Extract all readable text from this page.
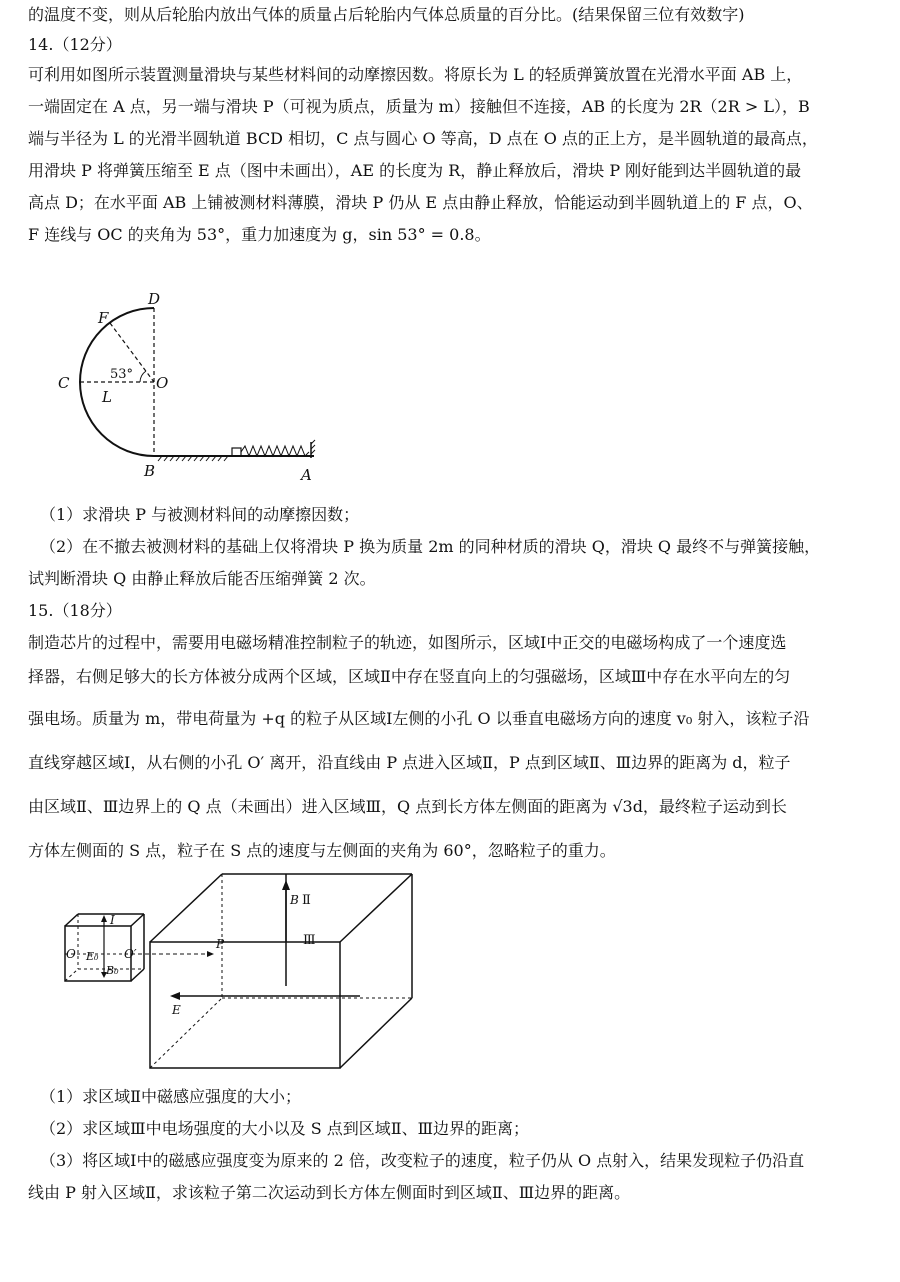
的温度不变，则从后轮胎内放出气体的质量占后轮胎内气体总质量的百分比。(结果保留三位有效数字)
14.（12分）
可利用如图所示装置测量滑块与某些材料间的动摩擦因数。将原长为 L 的轻质弹簧放置在光滑水平面 AB 上，
一端固定在 A 点，另一端与滑块 P（可视为质点，质量为 m）接触但不连接，AB 的长度为 2R（2R > L），B
端与半径为 L 的光滑半圆轨道 BCD 相切，C 点与圆心 O 等高，D 点在 O 点的正上方，是半圆轨道的最高点，
用滑块 P 将弹簧压缩至 E 点（图中未画出），AE 的长度为 R，静止释放后，滑块 P 刚好能到达半圆轨道的最
高点 D；在水平面 AB 上铺被测材料薄膜，滑块 P 仍从 E 点由静止释放，恰能运动到半圆轨道上的 F 点，O、
F 连线与 OC 的夹角为 53°，重力加速度为 g，sin 53° = 0.8。
D
F
C	O
L
B	A
53°
（1）求滑块 P 与被测材料间的动摩擦因数；
（2）在不撤去被测材料的基础上仅将滑块 P 换为质量 2m 的同种材质的滑块 Q，滑块 Q 最终不与弹簧接触，
试判断滑块 Q 由静止释放后能否压缩弹簧 2 次。
15.（18分）
制造芯片的过程中，需要用电磁场精准控制粒子的轨迹，如图所示，区域Ⅰ中正交的电磁场构成了一个速度选
择器，右侧足够大的长方体被分成两个区域，区域Ⅱ中存在竖直向上的匀强磁场，区域Ⅲ中存在水平向左的匀
强电场。质量为 m，带电荷量为 +q 的粒子从区域Ⅰ左侧的小孔 O 以垂直电磁场方向的速度 v₀ 射入，该粒子沿
直线穿越区域Ⅰ，从右侧的小孔 O′ 离开，沿直线由 P 点进入区域Ⅱ，P 点到区域Ⅱ、Ⅲ边界的距离为 d，粒子
由区域Ⅱ、Ⅲ边界上的 Q 点（未画出）进入区域Ⅲ，Q 点到长方体左侧面的距离为 √3d，最终粒子运动到长
方体左侧面的 S 点，粒子在 S 点的速度与左侧面的夹角为 60°，忽略粒子的重力。
I
O E₀
B₀
O′
P
B Ⅱ
Ⅲ
E
（1）求区域Ⅱ中磁感应强度的大小；
（2）求区域Ⅲ中电场强度的大小以及 S 点到区域Ⅱ、Ⅲ边界的距离；
（3）将区域Ⅰ中的磁感应强度变为原来的 2 倍，改变粒子的速度，粒子仍从 O 点射入，结果发现粒子仍沿直
线由 P 射入区域Ⅱ，求该粒子第二次运动到长方体左侧面时到区域Ⅱ、Ⅲ边界的距离。
